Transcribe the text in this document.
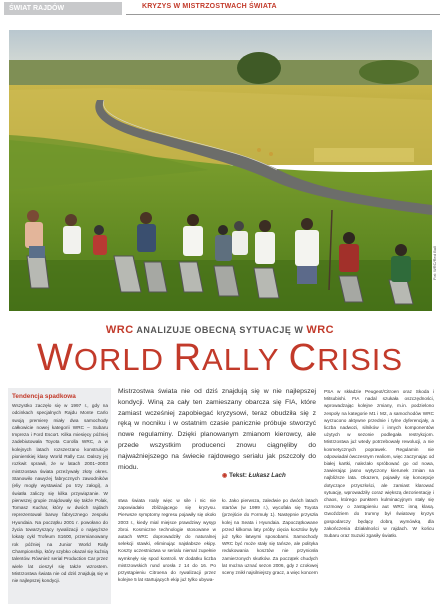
ŚWIAT RAJDÓW	KRYZYS W MISTRZOSTWACH ŚWIATA
Fot: WRC/Red Bull
WRC ANALIZUJE OBECNĄ SYTUACJĘ W WRC
WORLD RALLY CRISIS
Tendencja spadkowa
Wszystko zaczęło się w 1997 r., gdy na odcinkach specjalnych Rajdu Monte Carlo swoją premierę miały dwa samochody całkowicie nowej kategorii WRC – Subaru Impreza i Ford Escort. Kilka miesięcy później zadebiutowała Toyota Corolla WRC, a w kolejnych latach rozszerzano konstrukcje pionierskiej klasy World Rally Car. Dalszy jej rozkwit sprawił, że w latach 2001–2003 mistrzostwa świata przeżywały złoty okres. Stanowiło nawyżej fabrycznych zawodników (eliy mogły wystawiać po trzy załogi), a światła zaliczy się kilka przywiązanie. W pierwszej grupie znajdowały się także Polak, Tomasz Kuchar, który w dwóch rajdach reprezentował barwy fabrycznego zespołu Hyundaia. Na początku 2001 r. powołano do życia towarzyszący rywalizacji o najwyższe lokaty cykl Trofeum S1600, przemianowany rok później na Junior World Rally Championship, który szybko okazał się kuźnią talentów. Również serial Production Car przez wiele lat cieszył się także wzrostem. Mistrzostwa świata nie od dziś znajdują się w nie najlepszej kondycji.
Mistrzostwa świata nie od dziś znajdują się w nie najlepszej kondycji. Winą za cały ten zamieszany obarcza się FIA, które zamiast wcześniej zapobiegać kryzysowi, teraz obudziła się z ręką w nocniku i w ostatnim czasie panicznie próbuje stworzyć nowe regulaminy. Dzięki planowanym zmianom kierowcy, ale przede wszystkim producenci znowu ciągnęliby do najważniejszego na świecie rajdowego serialu jak pszczoły do miodu.
◉ Tekst: Łukasz Lach
stwa świata roaly więc w sile i nic nie zapowiadało zbliżającego się kryzysu. Pierwsze symptomy regresu pojawiły się około 2003 r., kiedy mial miejsce prawdziwy wysyp zbroi. Kosmiczne technologie stosowane w autach WRC doprowadziły do naturalnej selekcji stawki, eliminując najsłabsze ekipy. Koszty uczestnictwa w serialu niemal zupełnie wymknęły się spod kontroli. W dodatku liczba mistrzowskich rund urosła z 14 do 16. Po przystąpieniu Citroena do rywalizacji przez kolejne 5 lat startujących ekip już tylko ubywa-
ło. Jako pierwsza, zaledwie po dwóch latach startów (w 1999 r.), wycofała się Toyota (przejście do Formuły 1). Następnie przyszła kolej na Seata i Hyundaia. Zapoczątkowane przed kilkoma laty próby cięcia kosztów były już tylko łatwymi sposobami. Samochody WRC być może stały się tańsze, ale polityka redukowania kosztów nie przyniosła zamierzonych skutków. Za początek chudych lat można uznać sezon 2006, gdy z czołowej sceny znikł najsilniejszy gracz, a więc koncern
PSA w składzie Peugeot/Citroen oraz Skoda i Mitsubishi. FIA nadal szukała oszczędności, wprowadzając kolejne zmiany, m.in. podzielono zespoły na kategorie M1 i M2, a samochodów WRC wyrzucono aktywne przednie i tylne dyferencjały, a liczba nadwozi, silników i innych komponentów użytych w sezonie podlegała restrykcjom. Mistrzostwa już wtedy potrzebowały rewolucji, a nie kosmetycznych poprawek. Regulamin nie odpowiadał ówczesnym realiom, więc zaczynając od białej kartki, należało spróbować go od nowa, zawierając jasno wytyczony kierunek zmian na najbliższe lata. Okazem, pojawiły się koncepcje dotyczące przyszłości, ale zamiast klarować sytuację, wprowadziły coraz większą dezorientację i chaos, którego punktem kulminacyjnym stały się rozmowy o zastąpieniu aut WRC inną klasą. Gwoździem do trumny był światowy kryzys gospodarczy będący dobrą wymówką dla zakończenia działalności w rajdach. W końcu Subaru oraz Suzuki zgasiły światło.
